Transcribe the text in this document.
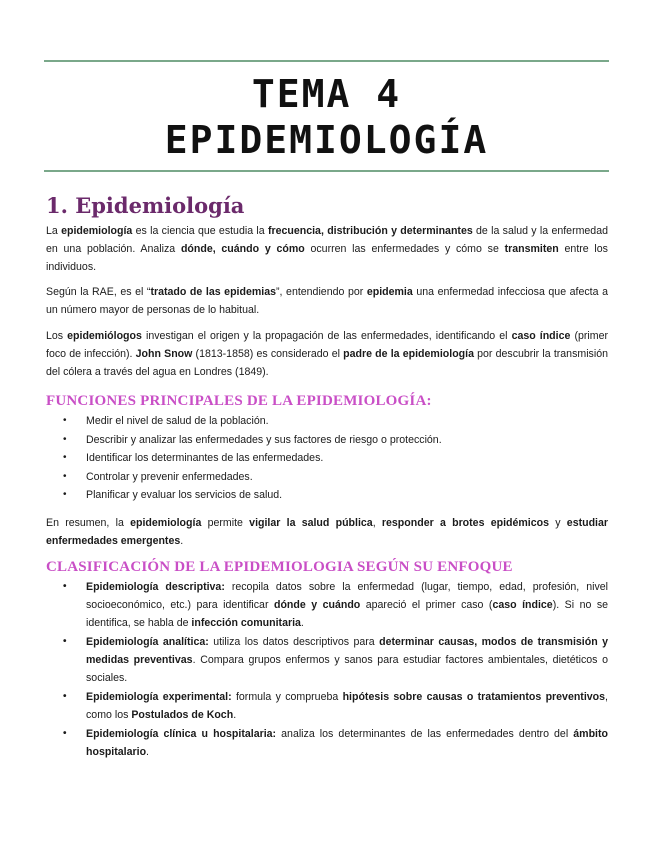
TEMA 4
EPIDEMIOLOGÍA
1. Epidemiología

La epidemiología es la ciencia que estudia la frecuencia, distribución y determinantes de la salud y la enfermedad en una población. Analiza dónde, cuándo y cómo ocurren las enfermedades y cómo se transmiten entre los individuos.

Según la RAE, es el “tratado de las epidemias”, entendiendo por epidemia una enfermedad infecciosa que afecta a un número mayor de personas de lo habitual.

Los epidemiólogos investigan el origen y la propagación de las enfermedades, identificando el caso índice (primer foco de infección). John Snow (1813-1858) es considerado el padre de la epidemiología por descubrir la transmisión del cólera a través del agua en Londres (1849).

FUNCIONES PRINCIPALES DE LA EPIDEMIOLOGÍA:
• Medir el nivel de salud de la población.
• Describir y analizar las enfermedades y sus factores de riesgo o protección.
• Identificar los determinantes de las enfermedades.
• Controlar y prevenir enfermedades.
• Planificar y evaluar los servicios de salud.

En resumen, la epidemiología permite vigilar la salud pública, responder a brotes epidémicos y estudiar enfermedades emergentes.

CLASIFICACIÓN DE LA EPIDEMIOLOGIA SEGÚN SU ENFOQUE
• Epidemiología descriptiva: recopila datos sobre la enfermedad (lugar, tiempo, edad, profesión, nivel socioeconómico, etc.) para identificar dónde y cuándo apareció el primer caso (caso índice). Si no se identifica, se habla de infección comunitaria.
• Epidemiología analítica: utiliza los datos descriptivos para determinar causas, modos de transmisión y medidas preventivas. Compara grupos enfermos y sanos para estudiar factores ambientales, dietéticos o sociales.
• Epidemiología experimental: formula y comprueba hipótesis sobre causas o tratamientos preventivos, como los Postulados de Koch.
• Epidemiología clínica u hospitalaria: analiza los determinantes de las enfermedades dentro del ámbito hospitalario.
